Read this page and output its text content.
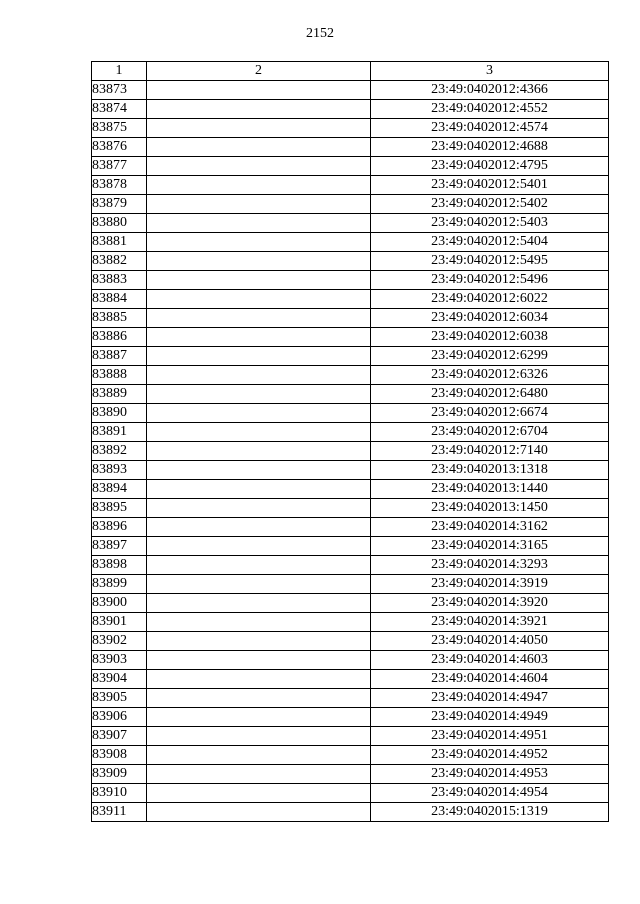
2152
1	2	3
83873		23:49:0402012:4366
83874		23:49:0402012:4552
83875		23:49:0402012:4574
83876		23:49:0402012:4688
83877		23:49:0402012:4795
83878		23:49:0402012:5401
83879		23:49:0402012:5402
83880		23:49:0402012:5403
83881		23:49:0402012:5404
83882		23:49:0402012:5495
83883		23:49:0402012:5496
83884		23:49:0402012:6022
83885		23:49:0402012:6034
83886		23:49:0402012:6038
83887		23:49:0402012:6299
83888		23:49:0402012:6326
83889		23:49:0402012:6480
83890		23:49:0402012:6674
83891		23:49:0402012:6704
83892		23:49:0402012:7140
83893		23:49:0402013:1318
83894		23:49:0402013:1440
83895		23:49:0402013:1450
83896		23:49:0402014:3162
83897		23:49:0402014:3165
83898		23:49:0402014:3293
83899		23:49:0402014:3919
83900		23:49:0402014:3920
83901		23:49:0402014:3921
83902		23:49:0402014:4050
83903		23:49:0402014:4603
83904		23:49:0402014:4604
83905		23:49:0402014:4947
83906		23:49:0402014:4949
83907		23:49:0402014:4951
83908		23:49:0402014:4952
83909		23:49:0402014:4953
83910		23:49:0402014:4954
83911		23:49:0402015:1319
